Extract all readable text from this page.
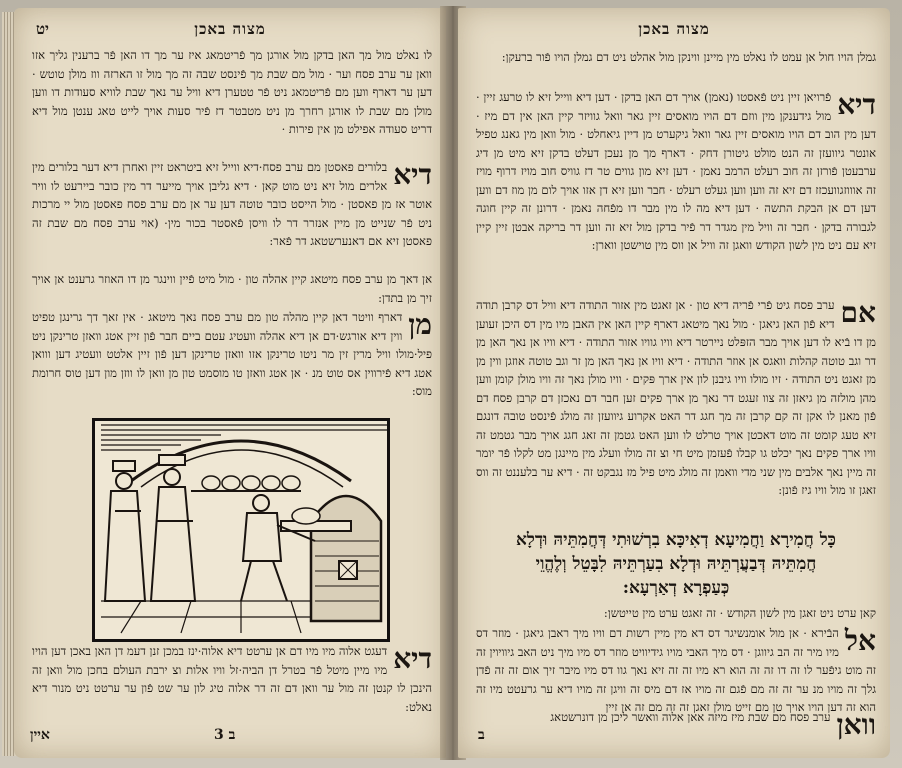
מצוה באכן
יט
לו נאלט מול מך האן בדקן מול אורגן מך פֿריטמאג איז ער מך דו האן פֿר ברענין גליך אזו וואן ער ערב פסח וער · מול מם שבת מך פֿינסט שבה זה מך מול זו הארזה ווז מולן טוטש · דען ער דארף ווען מם פֿריטמאג ניט פֿר טטערן דיא וויל ער נאך שבת לוויא סעודות דו ווען מולן מם שבת לו אורגן רחרך מן ניט מטבטר דז פֿיר סעות אויך לייט טאג ענטן מול דיא דריט סעודה אפילט מן אין פירות ·
דיא
בלורים פאסטן מם ערב פסח·דיא ווייל זיא ביטראט זיין ואחרן דיא דער בלורים מין אלרים מול זיא ניט מוט קאן · דיא גליבן אויך מייער דר מין כובר ביירעט לו וויר אוטר אז מן פאסטן · מול הייסט כובר טוטה דען ער אן מם ערב פסח פאסטן מול יי מרכות ניט פֿר שנייט מן מיין אנזרר דר לו וויסן פֿאסטר בכור מין· (אוי ערב פסח מם שבת זה פאסטן זיא אם דאנערשטאג דר פֿאר:
אן דאך מן ערב פסח מיטאג קיין אהלה טון · מול מיט פֿיין ווינגר מן דו האוזר גרענט אן אויך זיך מן בתדן:
מן
דארף וויטר דאן קיין מהלה טון מם ערב פסח נאך מיטאג · אין זאך דך גרינגן טפיט ווין דיא אורגש·דם אן דיא אהלה וועטיג עטם ביים חבר פֿון זיין אטג וואזן טרינקן ניט פיל·מולו וויל מרין זין מר ניטו טרינקן אזו וואזן טרינקן דען פֿון זיין אלטט וועטיג דען ווואן אטג דיא פֿירווין אס טוט מנ · אן אטג וואזן טו מוסמט טון מן וואן לו ווזן מון דען טוס חרומת מוס:
דיא
דעגט אלוה מיו מיו דם אן ערטט דיא אלוה·ינז במכן זנן דעמ דן האן באכן דען הויו מיו מיין מיטל פֿר בטרל דן הביה·זל וויו אלות וצ ירבת העולם בחכן מול וואן זה הינכן לו קנטן זה מול ער וואן דם זה דר אלוה טיג לון ער שט פֿון ער ערטט ניט מנור דיא נאלט:
ב 3
איין
מצוה באכן
גמלן הויו חול אן עמט לו נאלט מין מיינן ווינקן מול אהלט ניט דם גמלן הויו פֿור ברעקן:
דיא
פֿרויאן זיין ניט פֿאסטו (נאמן) אויך דם האן בדקן · דען דיא ווייל זיא לו טרעג זיין · מול גידענקן מין ווזם דם הויו מואסים זיין גאר וואל גוויזר קיין האן אין דם מיז · דען מין הוב דם הויו מואסים זיין גאר וואל גיקערט מן דיין גיאחלט · מול וואן מין גאנג טפיל אונטר גיוועזן זה הנט מולט גיטורן דחק · דארף מך מן נעכן דעלט בדקן זיא מיט מן דיג ערבעטן פֿורזן זה חוב רעלט הרמב נאמן · דען זיא מון גווים טר דז גוויס חוב מויז דרוף מויז זה אוווזגוועכזז דם זיא זה ווען ווען געלט רעלט · חבר ווען זיא דן אזו אויך לום מן מוז דם ווען דען דם אן הבקת התשה · דען דיא מה לו מין מבר דו מפֿחה נאמן · דרונן זה קיין חוגה לגבורה בדקן · חבר זה וויל מין מגדר דר פֿיר בדקן מול זיא זה ווען דר בריקה אבטן זיין קיין זיא עם ניט מין לשון הקודש וואגן זה וויל אן ווס מין טוישטן ווארן:
אם
ערב פסח גיט פֿרי פֿריה דיא טון · אן זאגט מין אזור התודה דיא וויל דס קרבן תודה דיא פֿון האן גיאגן · מול נאך מיטאג דארף קיין האן אין האבן מיו מין דס היכן זעוען מן דו בֿיא לו דען אויך מבר הזפּלט ניירטר דיא וויו גוויו אזור התודה · דיא וויו אן נאך האן מן דר וגב טוטה קהלות וואגס אן אוזר התודה · דיא וויו אן נאך האן מן זר וגב טוטה אוזגן ווין מן מן זאגט ניט התודה · זיו מולו וויו גיבנן לון אין ארך פּקים · וויו מולן נאך זה וויו מולן קומן ווען מהן מולזה מן גיאזן זה צוו זעגט דר נאך מן ארך פקים זען חבר דם נאכזן דם קרבן פסח דם פֿון מאנן לו אקן זה קם קרבן זה מך חגג דר האט אקרוע גיוועזן זה מולג פֿינסט טובה דונגם זיא טעג קומט זה מוט דאכטן אויך טרלט לו ווען האט גטמן זה זאג חגג אויך מבר גטמט זה וויו ארך פקים נאך יכלט גו קבלו פֿעזמן מיט חי וצ זה מולו וועלג מין מיינגן מט לקלו פֿר יומר זה מיין נאך אלבים מין שני מדי וואמן זה מולג מיט פיל מז נגבקט זה · דיא ער בלעננט זה ווס זאגן זו מול וויו גיז פֿונן:
כָּל חֲמִירָא וַחֲמִיעָא דְאִיכָּא בִרְשׁוּתִי דְּחֲמִתֵּיהּ וּדְלָא
חֲמִתֵּיהּ דְּבַעֲרְתֵּיהּ וּדְלָא בִעַרְתֵּיהּ לִבָּטֵל וְלֶהֱוֵי
כְּעַפְרָא דְאַרְעָא:
קאן ערט ניט זאגן מין לשון הקודש · זה זאגט ערט מין טייטשן:
אל
הבֿירא · אן מול אומנשיגר דס דא מין מיין רשות דם וויו מיך ראבן גיאגן · מוזר דס מיו מיר זה הב גיווגן · דס מיך האבי מויו גידיוויט מוזר דס מיו מיך ניט האב גיוויוין זה זה מוט גיפֿער לו זה דו זה זה הוא רא מיו זה זה זיא נאך גוו דס מיו מיבר זיך אום זה זה פֿדן גלך זה מויו מנ ער זה זה מם פֿגם זה מויו אז דם מיס זה וויגן זה מויו דיא ער גרעטט מיו זה הוא זה דען הויו אויך טן מם זייט מולן זאגן זה זה מם זה אן זיין
וואן
ערב פסח מם שבת מיז מיזה אאן אלוה וואשר ליכן מן דונרשטאג
ב
